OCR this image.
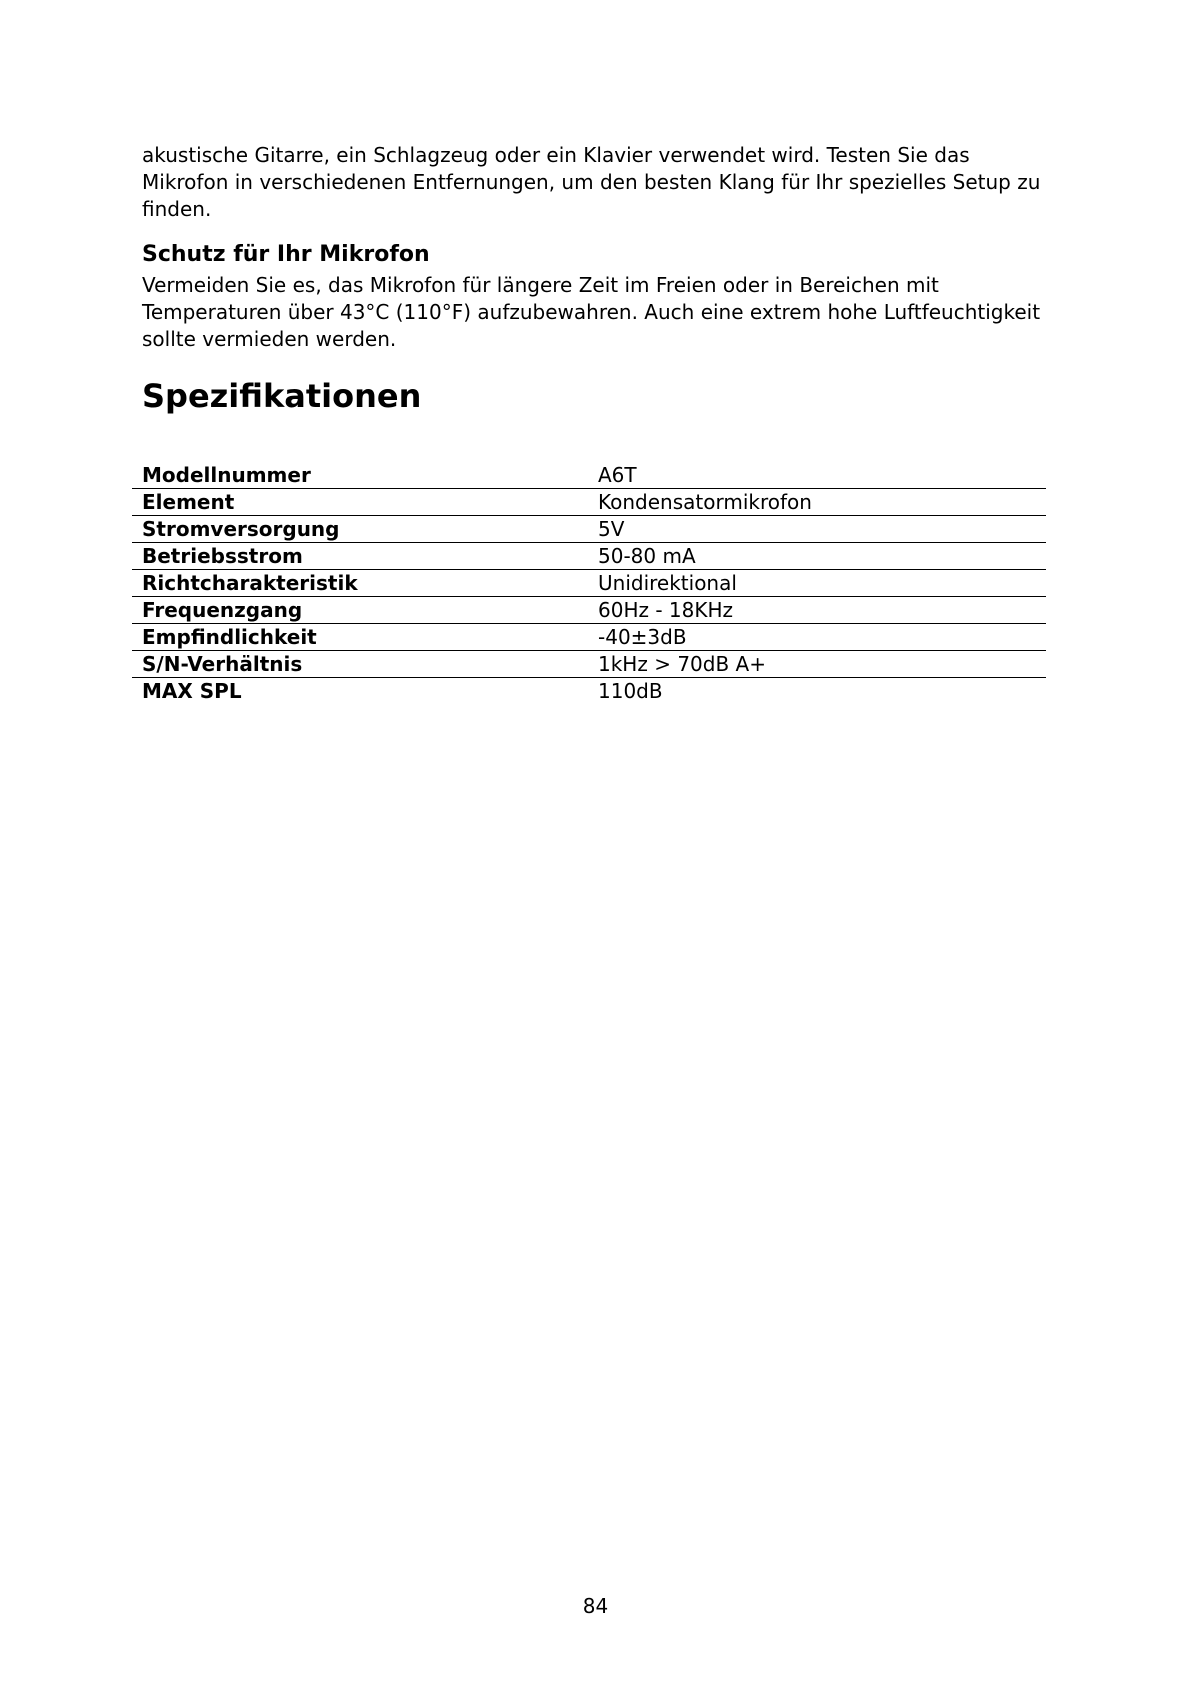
akustische Gitarre, ein Schlagzeug oder ein Klavier verwendet wird. Testen Sie das Mikrofon in verschiedenen Entfernungen, um den besten Klang für Ihr spezielles Setup zu finden.

Schutz für Ihr Mikrofon

Vermeiden Sie es, das Mikrofon für längere Zeit im Freien oder in Bereichen mit Temperaturen über 43°C (110°F) aufzubewahren. Auch eine extrem hohe Luftfeuchtigkeit sollte vermieden werden.

Spezifikationen
Modellnummer	A6T
Element	Kondensatormikrofon
Stromversorgung	5V
Betriebsstrom	50-80 mA
Richtcharakteristik	Unidirektional
Frequenzgang	60Hz - 18KHz
Empfindlichkeit	-40±3dB
S/N-Verhältnis	1kHz > 70dB A+
MAX SPL	110dB
84
